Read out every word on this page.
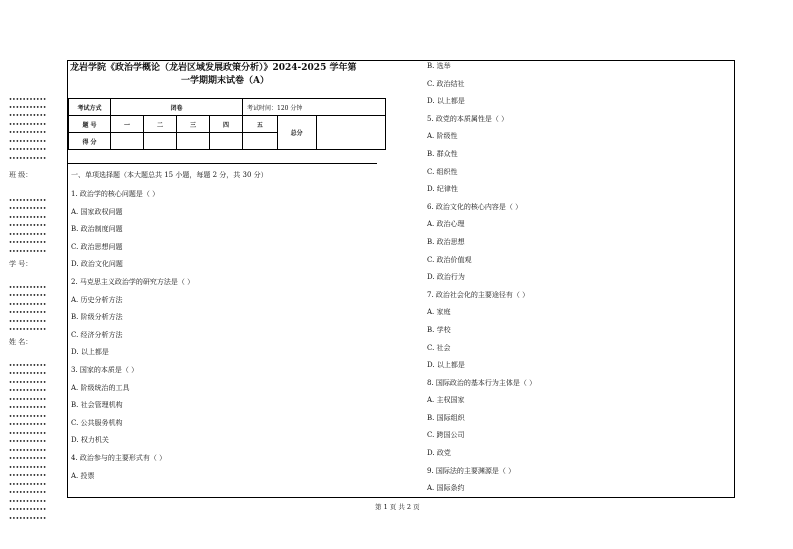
•••••••••••
•••••••••••
•••••••••••
•••••••••••
•••••••••••
•••••••••••
•••••••••••
•••••••••••
班 级：
•••••••••••
•••••••••••
•••••••••••
•••••••••••
•••••••••••
•••••••••••
•••••••••••
学 号：
•••••••••••
•••••••••••
•••••••••••
•••••••••••
•••••••••••
•••••••••••
姓 名：
•••••••••••
•••••••••••
•••••••••••
•••••••••••
•••••••••••
•••••••••••
•••••••••••
•••••••••••
•••••••••••
•••••••••••
•••••••••••
•••••••••••
•••••••••••
•••••••••••
•••••••••••
•••••••••••
•••••••••••
•••••••••••
•••••••••••
龙岩学院《政治学概论（龙岩区域发展政策分析）》2024-2025 学年第
一学期期末试卷（A）
考试方式	闭卷				考试时间：120 分钟		
题 号	一	二	三	四	五	总分	
得 分							
一、单项选择题（本大题总共 15 小题，每题 2 分，共 30 分）
1. 政治学的核心问题是（ ）
A. 国家政权问题
B. 政治制度问题
C. 政治思想问题
D. 政治文化问题
2. 马克思主义政治学的研究方法是（ ）
A. 历史分析方法
B. 阶级分析方法
C. 经济分析方法
D. 以上都是
3. 国家的本质是（ ）
A. 阶级统治的工具
B. 社会管理机构
C. 公共服务机构
D. 权力机关
4. 政治参与的主要形式有（ ）
A. 投票
B. 选举
C. 政治结社
D. 以上都是
5. 政党的本质属性是（ ）
A. 阶级性
B. 群众性
C. 组织性
D. 纪律性
6. 政治文化的核心内容是（ ）
A. 政治心理
B. 政治思想
C. 政治价值观
D. 政治行为
7. 政治社会化的主要途径有（ ）
A. 家庭
B. 学校
C. 社会
D. 以上都是
8. 国际政治的基本行为主体是（ ）
A. 主权国家
B. 国际组织
C. 跨国公司
D. 政党
9. 国际法的主要渊源是（ ）
A. 国际条约
第 1 页 共 2 页
